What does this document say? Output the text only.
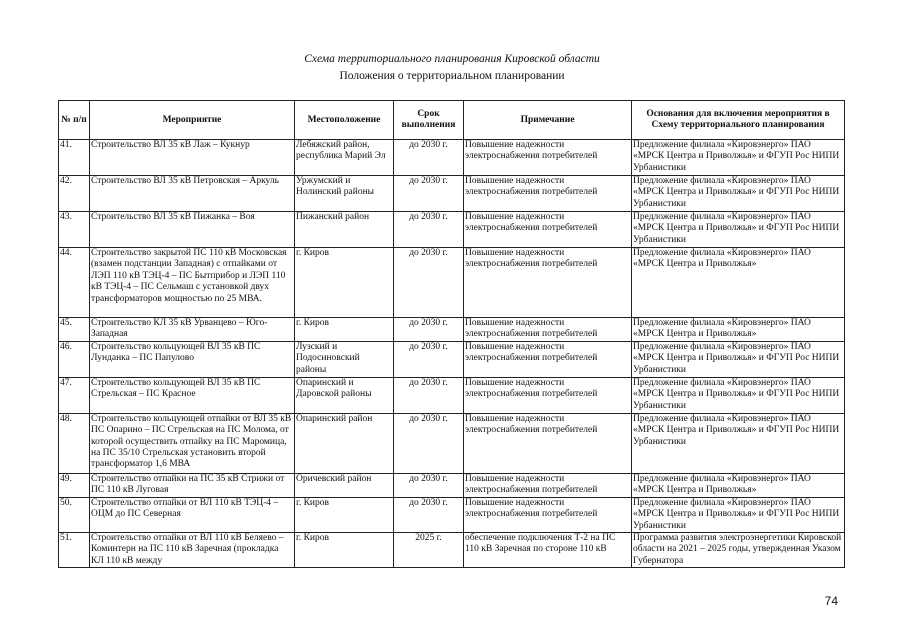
Схема территориального планирования Кировской области
Положения о территориальном планировании
№ п/п	Мероприятие	Местоположение	Срок выполнения	Примечание	Основания для включения мероприятия в Схему территориального планирования
41.	Строительство ВЛ 35 кВ Лаж – Кукнур	Лебяжский район, республика Марий Эл	до 2030 г.	Повышение надежности электроснабжения потребителей	Предложение филиала «Кировэнерго» ПАО «МРСК Центра и Приволжья» и ФГУП Рос НИПИ Урбанистики
42.	Строительство ВЛ 35 кВ Петровская – Аркуль	Уржумский и Нолинский районы	до 2030 г.	Повышение надежности электроснабжения потребителей	Предложение филиала «Кировэнерго» ПАО «МРСК Центра и Приволжья» и ФГУП Рос НИПИ Урбанистики
43.	Строительство ВЛ 35 кВ Пижанка – Воя	Пижанский район	до 2030 г.	Повышение надежности электроснабжения потребителей	Предложение филиала «Кировэнерго» ПАО «МРСК Центра и Приволжья» и ФГУП Рос НИПИ Урбанистики
44.	Строительство закрытой ПС 110 кВ Московская (взамен подстанции Западная) с отпайками от ЛЭП 110 кВ ТЭЦ-4 – ПС Бытприбор и ЛЭП 110 кВ ТЭЦ-4 – ПС Сельмаш с установкой двух трансформаторов мощностью по 25 МВА.	г. Киров	до 2030 г.	Повышение надежности электроснабжения потребителей	Предложение филиала «Кировэнерго» ПАО «МРСК Центра и Приволжья»
45.	Строительство КЛ 35 кВ Урванцево – Юго-Западная	г. Киров	до 2030 г.	Повышение надежности электроснабжения потребителей	Предложение филиала «Кировэнерго» ПАО «МРСК Центра и Приволжья»
46.	Строительство кольцующей ВЛ 35 кВ ПС Лунданка – ПС Папулово	Лузский и Подосиновский районы	до 2030 г.	Повышение надежности электроснабжения потребителей	Предложение филиала «Кировэнерго» ПАО «МРСК Центра и Приволжья» и ФГУП Рос НИПИ Урбанистики
47.	Строительство кольцующей ВЛ 35 кВ ПС Стрельская – ПС Красное	Опаринский и Даровской районы	до 2030 г.	Повышение надежности электроснабжения потребителей	Предложение филиала «Кировэнерго» ПАО «МРСК Центра и Приволжья» и ФГУП Рос НИПИ Урбанистики
48.	Строительство кольцующей отпайки от ВЛ 35 кВ ПС Опарино – ПС Стрельская на ПС Молома, от которой осуществить отпайку на ПС Маромица, на ПС 35/10 Стрельская установить второй трансформатор 1,6 МВА	Опаринский район	до 2030 г.	Повышение надежности электроснабжения потребителей	Предложение филиала «Кировэнерго» ПАО «МРСК Центра и Приволжья» и ФГУП Рос НИПИ Урбанистики
49.	Строительство отпайки на ПС 35 кВ Стрижи от ПС 110 кВ Луговая	Оричевский район	до 2030 г.	Повышение надежности электроснабжения потребителей	Предложение филиала «Кировэнерго» ПАО «МРСК Центра и Приволжья»
50.	Строительство отпайки от ВЛ 110 кВ ТЭЦ-4 – ОЦМ до ПС Северная	г. Киров	до 2030 г.	Повышение надежности электроснабжения потребителей	Предложение филиала «Кировэнерго» ПАО «МРСК Центра и Приволжья» и ФГУП Рос НИПИ Урбанистики
51.	Строительство отпайки от ВЛ 110 кВ Беляево – Коминтерн на ПС 110 кВ Заречная (прокладка КЛ 110 кВ между	г. Киров	2025 г.	обеспечение подключения Т-2 на ПС 110 кВ Заречная по стороне 110 кВ	Программа развития электроэнергетики Кировской области на 2021 – 2025 годы, утвержденная Указом Губернатора
74
